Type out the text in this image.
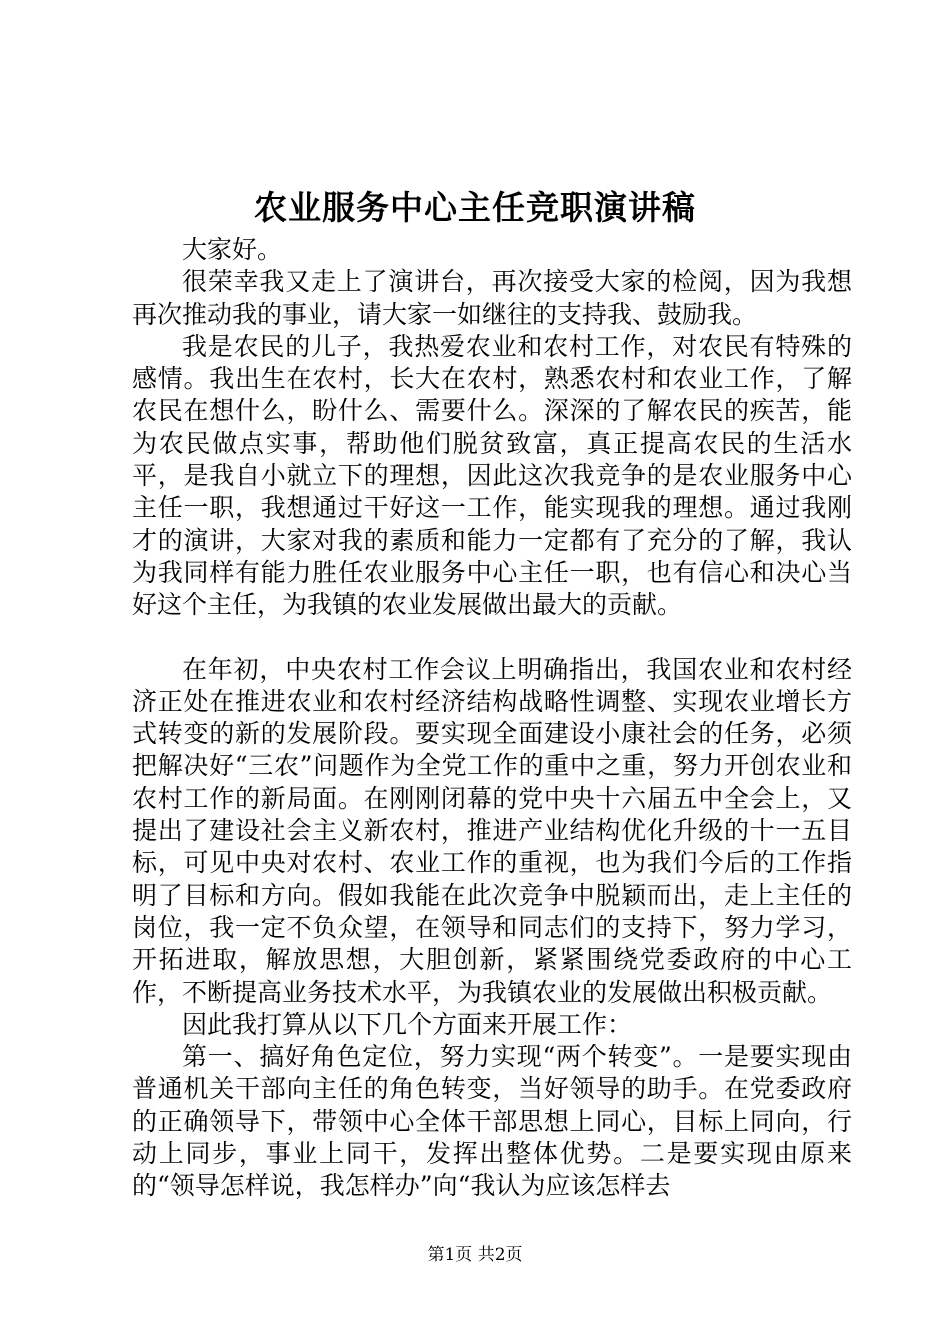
农业服务中心主任竞职演讲稿

大家好。

很荣幸我又走上了演讲台，再次接受大家的检阅，因为我想再次推动我的事业，请大家一如继往的支持我、鼓励我。

我是农民的儿子，我热爱农业和农村工作，对农民有特殊的感情。我出生在农村，长大在农村，熟悉农村和农业工作，了解农民在想什么，盼什么、需要什么。深深的了解农民的疾苦，能为农民做点实事，帮助他们脱贫致富，真正提高农民的生活水平，是我自小就立下的理想，因此这次我竞争的是农业服务中心主任一职，我想通过干好这一工作，能实现我的理想。通过我刚才的演讲，大家对我的素质和能力一定都有了充分的了解，我认为我同样有能力胜任农业服务中心主任一职，也有信心和决心当好这个主任，为我镇的农业发展做出最大的贡献。

在年初，中央农村工作会议上明确指出，我国农业和农村经济正处在推进农业和农村经济结构战略性调整、实现农业增长方式转变的新的发展阶段。要实现全面建设小康社会的任务，必须把解决好“三农”问题作为全党工作的重中之重，努力开创农业和农村工作的新局面。在刚刚闭幕的党中央十六届五中全会上，又提出了建设社会主义新农村，推进产业结构优化升级的十一五目标，可见中央对农村、农业工作的重视，也为我们今后的工作指明了目标和方向。假如我能在此次竞争中脱颖而出，走上主任的岗位，我一定不负众望，在领导和同志们的支持下，努力学习，开拓进取，解放思想，大胆创新，紧紧围绕党委政府的中心工作，不断提高业务技术水平，为我镇农业的发展做出积极贡献。

因此我打算从以下几个方面来开展工作：

第一、搞好角色定位，努力实现“两个转变”。一是要实现由普通机关干部向主任的角色转变，当好领导的助手。在党委政府的正确领导下，带领中心全体干部思想上同心，目标上同向，行动上同步，事业上同干，发挥出整体优势。二是要实现由原来的“领导怎样说，我怎样办”向“我认为应该怎样去

第1页 共2页
